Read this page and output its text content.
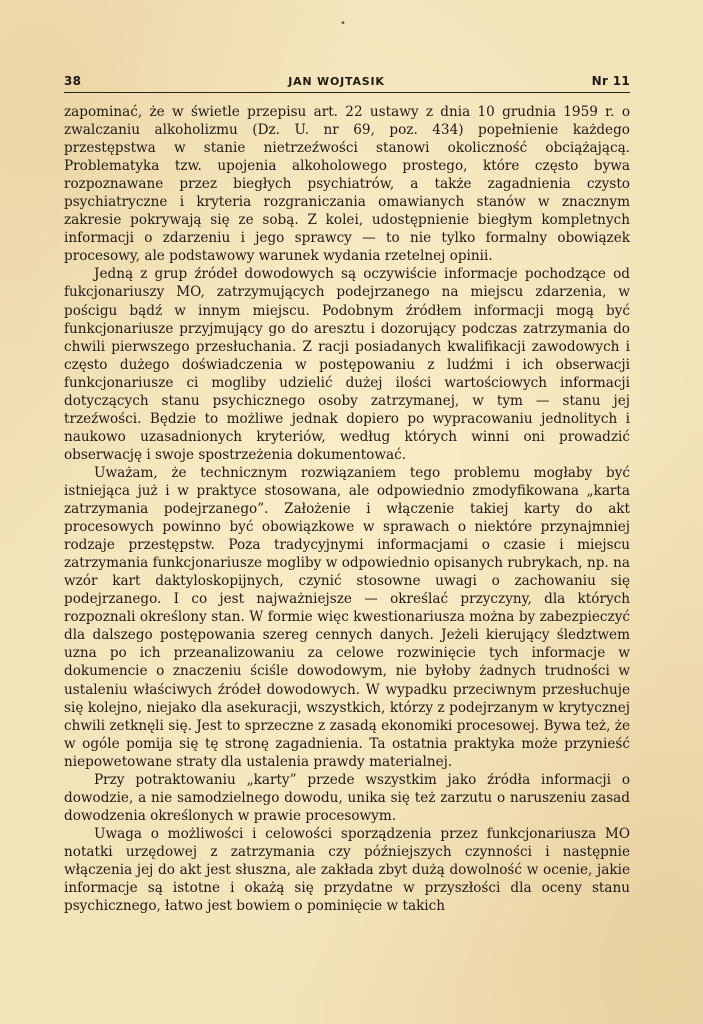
•
38	JAN WOJTASIK	Nr 11

zapominać, że w świetle przepisu art. 22 ustawy z dnia 10 grudnia 1959 r. o zwalczaniu alkoholizmu (Dz. U. nr 69, poz. 434) popełnienie każdego przestępstwa w stanie nietrzeźwości stanowi okoliczność obciążającą. Problematyka tzw. upojenia alkoholowego prostego, które często bywa rozpoznawane przez biegłych psychiatrów, a także zagadnienia czysto psychiatryczne i kryteria rozgraniczania omawianych stanów w znacznym zakresie pokrywają się ze sobą. Z kolei, udostępnienie biegłym kompletnych informacji o zdarzeniu i jego sprawcy — to nie tylko formalny obowiązek procesowy, ale podstawowy warunek wydania rzetelnej opinii.

Jedną z grup źródeł dowodowych są oczywiście informacje pochodzące od fukcjonariuszy MO, zatrzymujących podejrzanego na miejscu zdarzenia, w pościgu bądź w innym miejscu. Podobnym źródłem informacji mogą być funkcjonariusze przyjmujący go do aresztu i dozorujący podczas zatrzymania do chwili pierwszego przesłuchania. Z racji posiadanych kwalifikacji zawodowych i często dużego doświadczenia w postępowaniu z ludźmi i ich obserwacji funkcjonariusze ci mogliby udzielić dużej ilości wartościowych informacji dotyczących stanu psychicznego osoby zatrzymanej, w tym — stanu jej trzeźwości. Będzie to możliwe jednak dopiero po wypracowaniu jednolitych i naukowo uzasadnionych kryteriów, według których winni oni prowadzić obserwację i swoje spostrzeżenia dokumentować.

Uważam, że technicznym rozwiązaniem tego problemu mogłaby być istniejąca już i w praktyce stosowana, ale odpowiednio zmodyfikowana „karta zatrzymania podejrzanego”. Założenie i włączenie takiej karty do akt procesowych powinno być obowiązkowe w sprawach o niektóre przynajmniej rodzaje przestępstw. Poza tradycyjnymi informacjami o czasie i miejscu zatrzymania funkcjonariusze mogliby w odpowiednio opisanych rubrykach, np. na wzór kart daktyloskopijnych, czynić stosowne uwagi o zachowaniu się podejrzanego. I co jest najważniejsze — określać przyczyny, dla których rozpoznali określony stan. W formie więc kwestionariusza można by zabezpieczyć dla dalszego postępowania szereg cennych danych. Jeżeli kierujący śledztwem uzna po ich przeanalizowaniu za celowe rozwinięcie tych informacje w dokumencie o znaczeniu ściśle dowodowym, nie byłoby żadnych trudności w ustaleniu właściwych źródeł dowodowych. W wypadku przeciwnym przesłuchuje się kolejno, niejako dla asekuracji, wszystkich, którzy z podejrzanym w krytycznej chwili zetknęli się. Jest to sprzeczne z zasadą ekonomiki procesowej. Bywa też, że w ogóle pomija się tę stronę zagadnienia. Ta ostatnia praktyka może przynieść niepowetowane straty dla ustalenia prawdy materialnej.

Przy potraktowaniu „karty” przede wszystkim jako źródła informacji o dowodzie, a nie samodzielnego dowodu, unika się też zarzutu o naruszeniu zasad dowodzenia określonych w prawie procesowym.

Uwaga o możliwości i celowości sporządzenia przez funkcjonariusza MO notatki urzędowej z zatrzymania czy późniejszych czynności i następnie włączenia jej do akt jest słuszna, ale zakłada zbyt dużą dowolność w ocenie, jakie informacje są istotne i okażą się przydatne w przyszłości dla oceny stanu psychicznego, łatwo jest bowiem o pominięcie w takich
